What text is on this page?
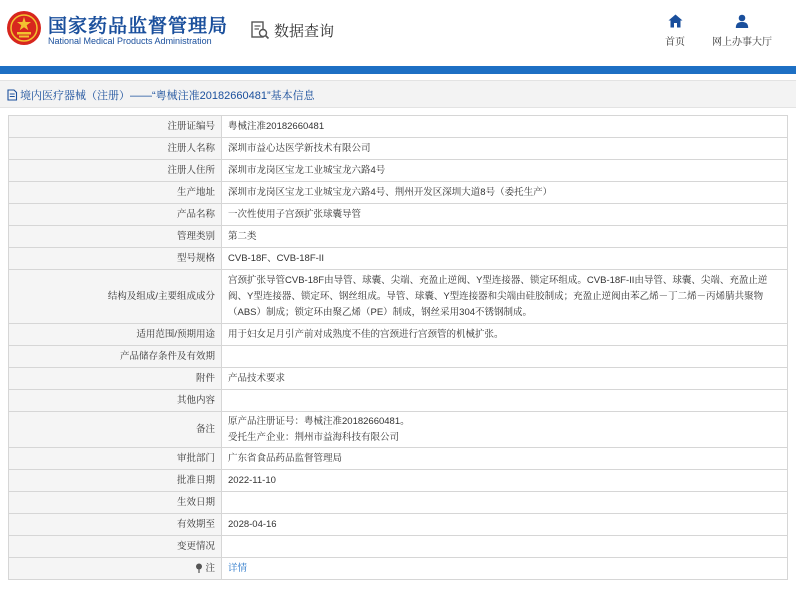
国家药品监督管理局
National Medical Products Administration
数据查询
首页	网上办事大厅
境内医疗器械（注册）——“粤械注准20182660481”基本信息
注册证编号	粤械注准20182660481
注册人名称	深圳市益心达医学新技术有限公司
注册人住所	深圳市龙岗区宝龙工业城宝龙六路4号
生产地址	深圳市龙岗区宝龙工业城宝龙六路4号、荆州开发区深圳大道8号（委托生产）
产品名称	一次性使用子宫颈扩张球囊导管
管理类别	第二类
型号规格	CVB-18F、CVB-18F-II
结构及组成/主要组成成分	宫颈扩张导管CVB-18F由导管、球囊、尖端、充盈止逆阀、Y型连接器、锁定环组成。CVB-18F-II由导管、球囊、尖端、充盈止逆阀、Y型连接器、锁定环、钢丝组成。导管、球囊、Y型连接器和尖端由硅胶制成；充盈止逆阀由苯乙烯－丁二烯－丙烯腈共聚物（ABS）制成；锁定环由聚乙烯（PE）制成，钢丝采用304不锈钢制成。
适用范围/预期用途	用于妇女足月引产前对成熟度不佳的宫颈进行宫颈管的机械扩张。
产品储存条件及有效期	
附件	产品技术要求
其他内容	
备注	原产品注册证号：粤械注准20182660481。
受托生产企业：荆州市益海科技有限公司

审批部门	广东省食品药品监督管理局
批准日期	2022-11-10
生效日期	
有效期至	2028-04-16
变更情况	
注	详情
